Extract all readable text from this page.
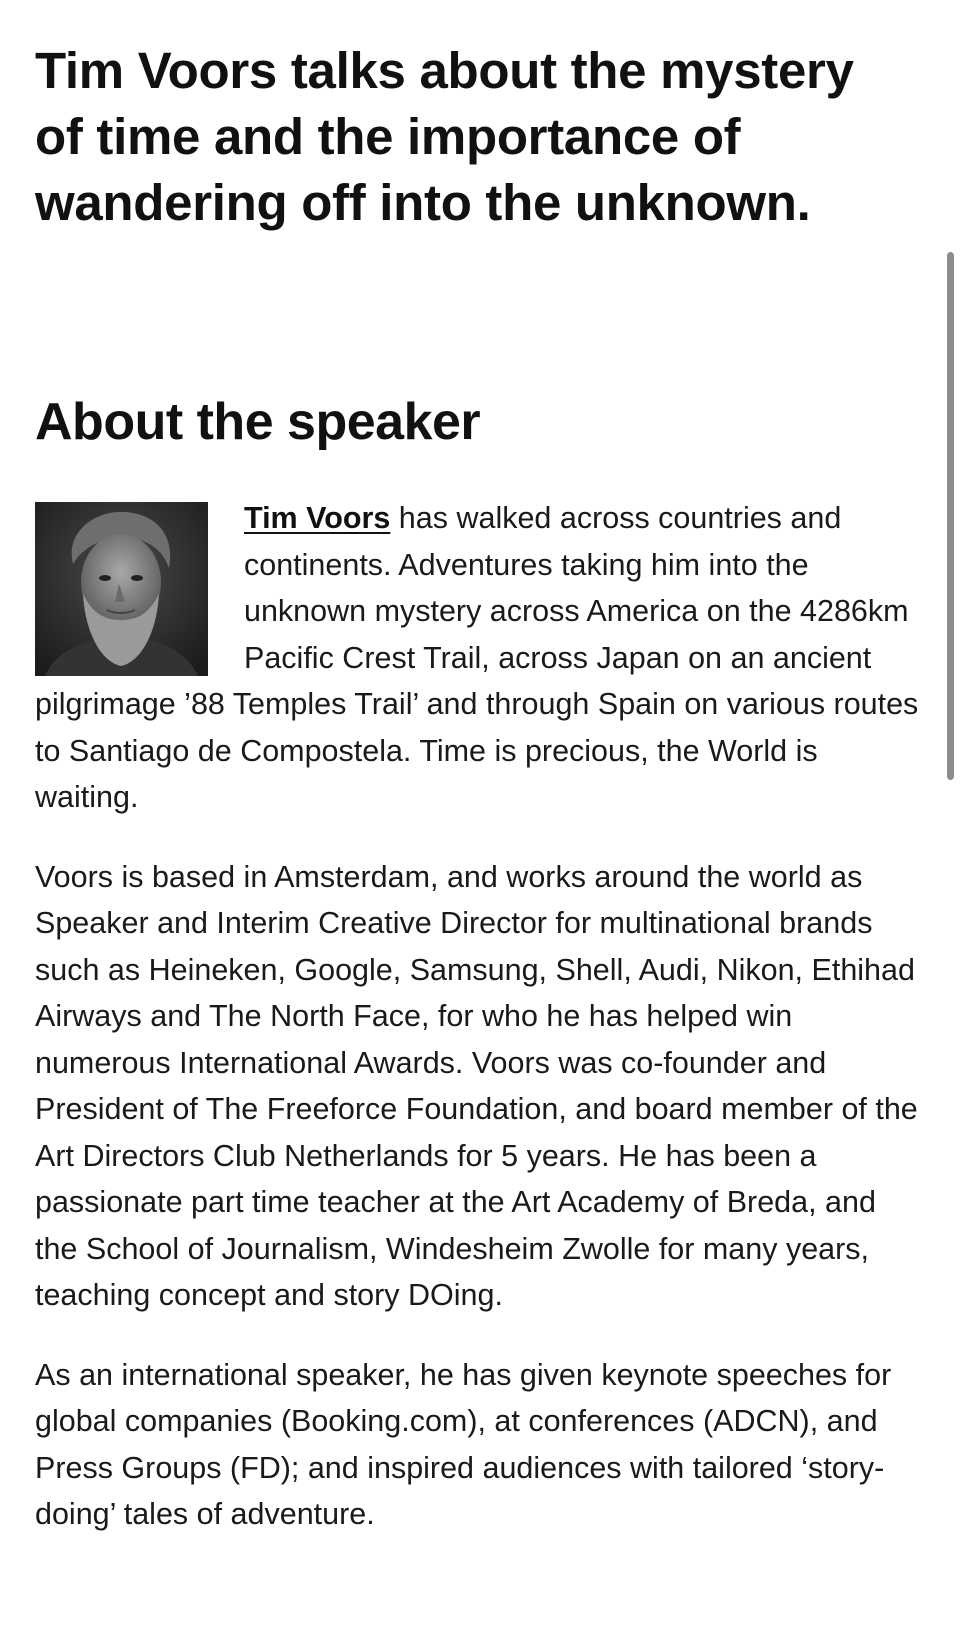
Tim Voors talks about the mystery of time and the importance of wandering off into the unknown.
About the speaker
Tim Voors has walked across countries and continents. Adventures taking him into the unknown mystery across America on the 4286km Pacific Crest Trail, across Japan on an ancient pilgrimage ’88 Temples Trail’ and through Spain on various routes to Santiago de Compostela. Time is precious, the World is waiting.

Voors is based in Amsterdam, and works around the world as Speaker and Interim Creative Director for multinational brands such as Heineken, Google, Samsung, Shell, Audi, Nikon, Ethihad Airways and The North Face, for who he has helped win numerous International Awards. Voors was co-founder and President of The Freeforce Foundation, and board member of the Art Directors Club Netherlands for 5 years. He has been a passionate part time teacher at the Art Academy of Breda, and the School of Journalism, Windesheim Zwolle for many years, teaching concept and story DOing.

As an international speaker, he has given keynote speeches for global companies (Booking.com), at conferences (ADCN), and Press Groups (FD); and inspired audiences with tailored ‘story-doing’ tales of adventure.
